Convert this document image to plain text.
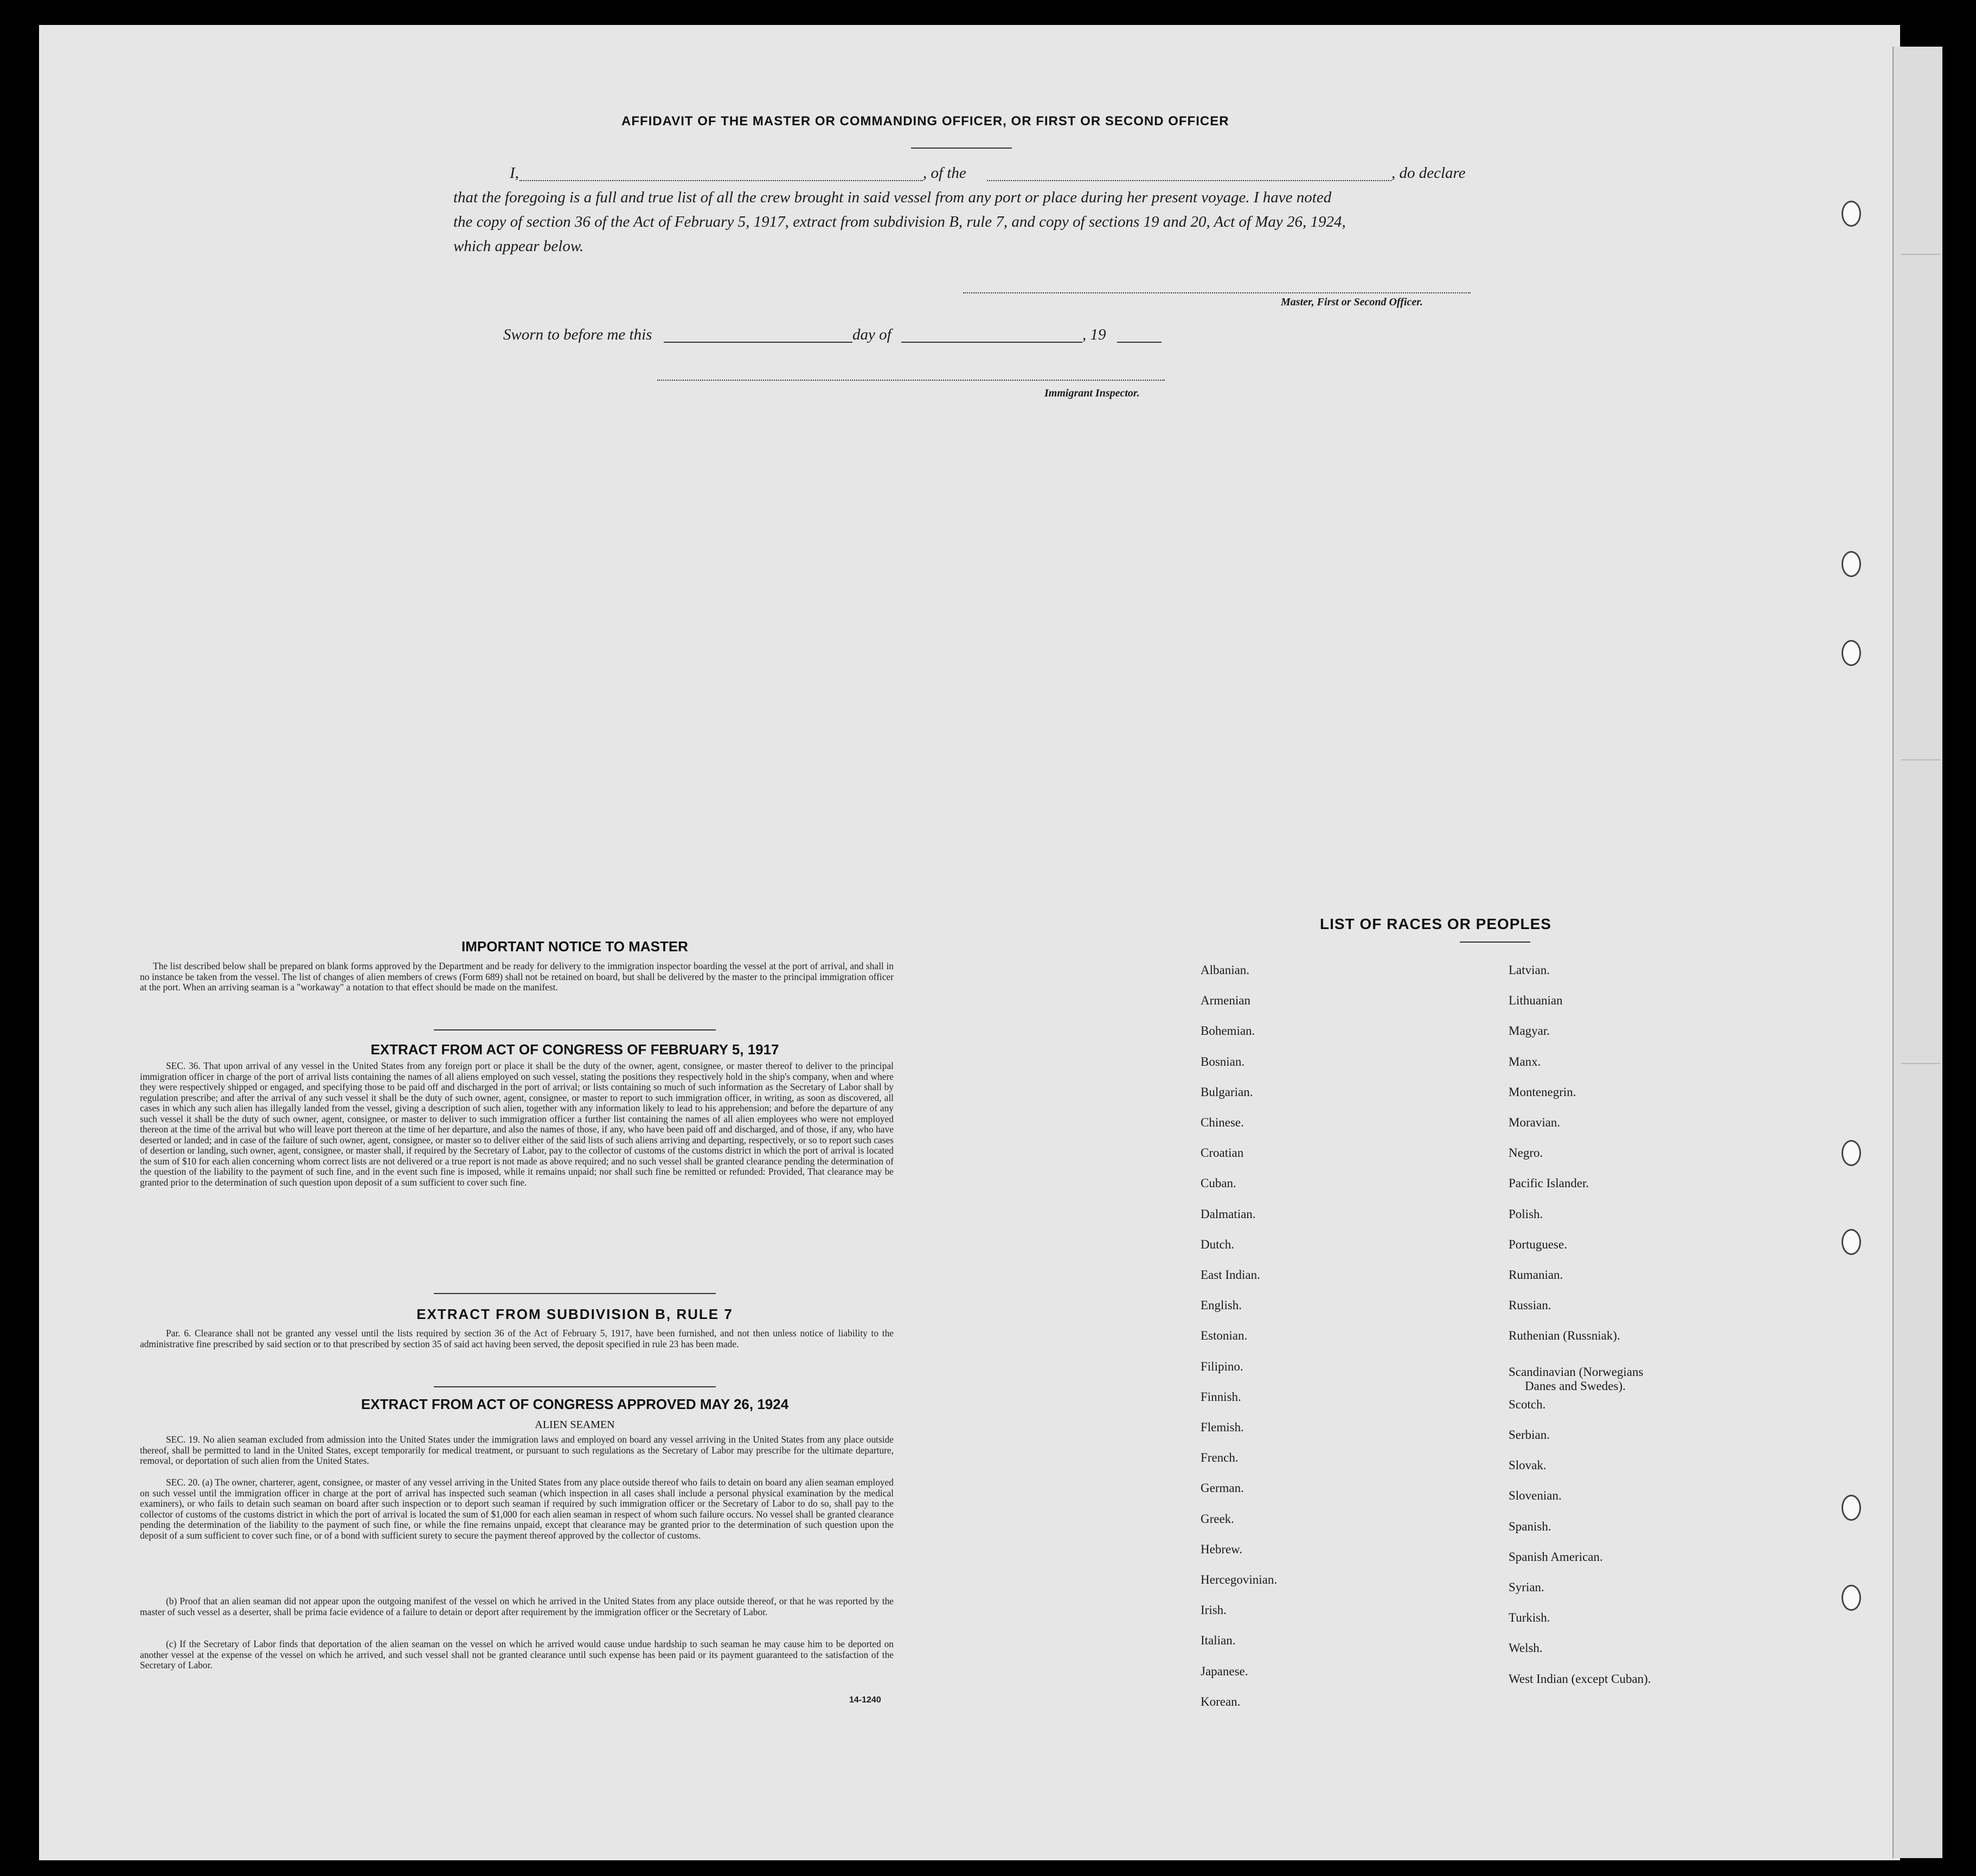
AFFIDAVIT OF THE MASTER OR COMMANDING OFFICER, OR FIRST OR SECOND OFFICER
I,	, of the	, do declare
that the foregoing is a full and true list of all the crew brought in said vessel from any port or place during her present voyage. I have noted
the copy of section 36 of the Act of February 5, 1917, extract from subdivision B, rule 7, and copy of sections 19 and 20, Act of May 26, 1924,
which appear below.
Master, First or Second Officer.
Sworn to before me this	day of	, 19
Immigrant Inspector.
IMPORTANT NOTICE TO MASTER
The list described below shall be prepared on blank forms approved by the Department and be ready for delivery to the immigration inspector boarding the vessel at the port of arrival, and shall in no instance be taken from the vessel. The list of changes of alien members of crews (Form 689) shall not be retained on board, but shall be delivered by the master to the principal immigration officer at the port. When an arriving seaman is a "workaway" a notation to that effect should be made on the manifest.
EXTRACT FROM ACT OF CONGRESS OF FEBRUARY 5, 1917
SEC. 36. That upon arrival of any vessel in the United States from any foreign port or place it shall be the duty of the owner, agent, consignee, or master thereof to deliver to the principal immigration officer in charge of the port of arrival lists containing the names of all aliens employed on such vessel, stating the positions they respectively hold in the ship's company, when and where they were respectively shipped or engaged, and specifying those to be paid off and discharged in the port of arrival; or lists containing so much of such information as the Secretary of Labor shall by regulation prescribe; and after the arrival of any such vessel it shall be the duty of such owner, agent, consignee, or master to report to such immigration officer, in writing, as soon as discovered, all cases in which any such alien has illegally landed from the vessel, giving a description of such alien, together with any information likely to lead to his apprehension; and before the departure of any such vessel it shall be the duty of such owner, agent, consignee, or master to deliver to such immigration officer a further list containing the names of all alien employees who were not employed thereon at the time of the arrival but who will leave port thereon at the time of her departure, and also the names of those, if any, who have been paid off and discharged, and of those, if any, who have deserted or landed; and in case of the failure of such owner, agent, consignee, or master so to deliver either of the said lists of such aliens arriving and departing, respectively, or so to report such cases of desertion or landing, such owner, agent, consignee, or master shall, if required by the Secretary of Labor, pay to the collector of customs of the customs district in which the port of arrival is located the sum of $10 for each alien concerning whom correct lists are not delivered or a true report is not made as above required; and no such vessel shall be granted clearance pending the determination of the question of the liability to the payment of such fine, and in the event such fine is imposed, while it remains unpaid; nor shall such fine be remitted or refunded: Provided, That clearance may be granted prior to the determination of such question upon deposit of a sum sufficient to cover such fine.
EXTRACT FROM SUBDIVISION B, RULE 7
Par. 6. Clearance shall not be granted any vessel until the lists required by section 36 of the Act of February 5, 1917, have been furnished, and not then unless notice of liability to the administrative fine prescribed by said section or to that prescribed by section 35 of said act having been served, the deposit specified in rule 23 has been made.
EXTRACT FROM ACT OF CONGRESS APPROVED MAY 26, 1924
ALIEN SEAMEN
SEC. 19. No alien seaman excluded from admission into the United States under the immigration laws and employed on board any vessel arriving in the United States from any place outside thereof, shall be permitted to land in the United States, except temporarily for medical treatment, or pursuant to such regulations as the Secretary of Labor may prescribe for the ultimate departure, removal, or deportation of such alien from the United States.
SEC. 20. (a) The owner, charterer, agent, consignee, or master of any vessel arriving in the United States from any place outside thereof who fails to detain on board any alien seaman employed on such vessel until the immigration officer in charge at the port of arrival has inspected such seaman (which inspection in all cases shall include a personal physical examination by the medical examiners), or who fails to detain such seaman on board after such inspection or to deport such seaman if required by such immigration officer or the Secretary of Labor to do so, shall pay to the collector of customs of the customs district in which the port of arrival is located the sum of $1,000 for each alien seaman in respect of whom such failure occurs. No vessel shall be granted clearance pending the determination of the liability to the payment of such fine, or while the fine remains unpaid, except that clearance may be granted prior to the determination of such question upon the deposit of a sum sufficient to cover such fine, or of a bond with sufficient surety to secure the payment thereof approved by the collector of customs.
(b) Proof that an alien seaman did not appear upon the outgoing manifest of the vessel on which he arrived in the United States from any place outside thereof, or that he was reported by the master of such vessel as a deserter, shall be prima facie evidence of a failure to detain or deport after requirement by the immigration officer or the Secretary of Labor.
(c) If the Secretary of Labor finds that deportation of the alien seaman on the vessel on which he arrived would cause undue hardship to such seaman he may cause him to be deported on another vessel at the expense of the vessel on which he arrived, and such vessel shall not be granted clearance until such expense has been paid or its payment guaranteed to the satisfaction of the Secretary of Labor.
14-1240
LIST OF RACES OR PEOPLES
Albanian.
Armenian
Bohemian.
Bosnian.
Bulgarian.
Chinese.
Croatian
Cuban.
Dalmatian.
Dutch.
East Indian.
English.
Estonian.
Filipino.
Finnish.
Flemish.
French.
German.
Greek.
Hebrew.
Hercegovinian.
Irish.
Italian.
Japanese.
Korean.
Latvian.
Lithuanian
Magyar.
Manx.
Montenegrin.
Moravian.
Negro.
Pacific Islander.
Polish.
Portuguese.
Rumanian.
Russian.
Ruthenian (Russniak).
Scandinavian (Norwegians
Danes and Swedes).
Scotch.
Serbian.
Slovak.
Slovenian.
Spanish.
Spanish American.
Syrian.
Turkish.
Welsh.
West Indian (except Cuban).
